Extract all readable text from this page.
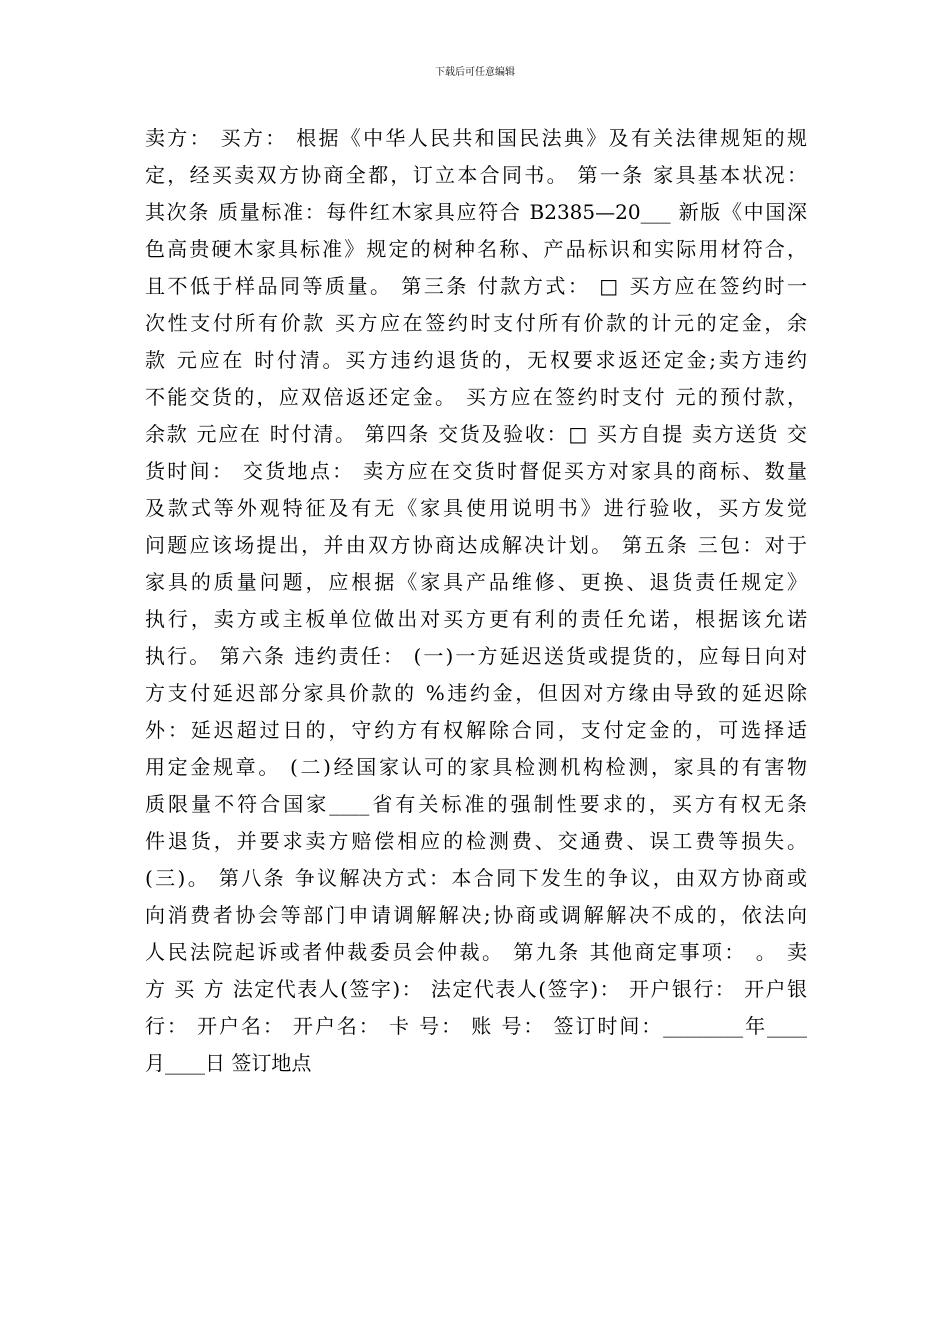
下载后可任意编辑
卖方： 买方： 根据《中华人民共和国民法典》及有关法律规矩的规
定，经买卖双方协商全都，订立本合同书。 第一条 家具基本状况：
其次条 质量标准：每件红木家具应符合 B2385—20___ 新版《中国深
色高贵硬木家具标准》规定的树种名称、产品标识和实际用材符合，
且不低于样品同等质量。 第三条 付款方式： □ 买方应在签约时一
次性支付所有价款 买方应在签约时支付所有价款的计元的定金，余
款 元应在 时付清。买方违约退货的，无权要求返还定金;卖方违约
不能交货的，应双倍返还定金。 买方应在签约时支付 元的预付款，
余款 元应在 时付清。 第四条 交货及验收：□ 买方自提 卖方送货 交
货时间： 交货地点： 卖方应在交货时督促买方对家具的商标、数量
及款式等外观特征及有无《家具使用说明书》进行验收，买方发觉
问题应该场提出，并由双方协商达成解决计划。 第五条 三包：对于
家具的质量问题，应根据《家具产品维修、更换、退货责任规定》
执行，卖方或主板单位做出对买方更有利的责任允诺，根据该允诺
执行。 第六条 违约责任： (一)一方延迟送货或提货的，应每日向对
方支付延迟部分家具价款的 %违约金，但因对方缘由导致的延迟除
外：延迟超过日的，守约方有权解除合同，支付定金的，可选择适
用定金规章。 (二)经国家认可的家具检测机构检测，家具的有害物
质限量不符合国家____省有关标准的强制性要求的，买方有权无条
件退货，并要求卖方赔偿相应的检测费、交通费、误工费等损失。
(三)。 第八条 争议解决方式：本合同下发生的争议，由双方协商或
向消费者协会等部门申请调解解决;协商或调解解决不成的，依法向
人民法院起诉或者仲裁委员会仲裁。 第九条 其他商定事项： 。 卖
方 买 方 法定代表人(签字)： 法定代表人(签字)： 开户银行： 开户银
行： 开户名： 开户名： 卡 号： 账 号： 签订时间：________年____
月____日 签订地点
